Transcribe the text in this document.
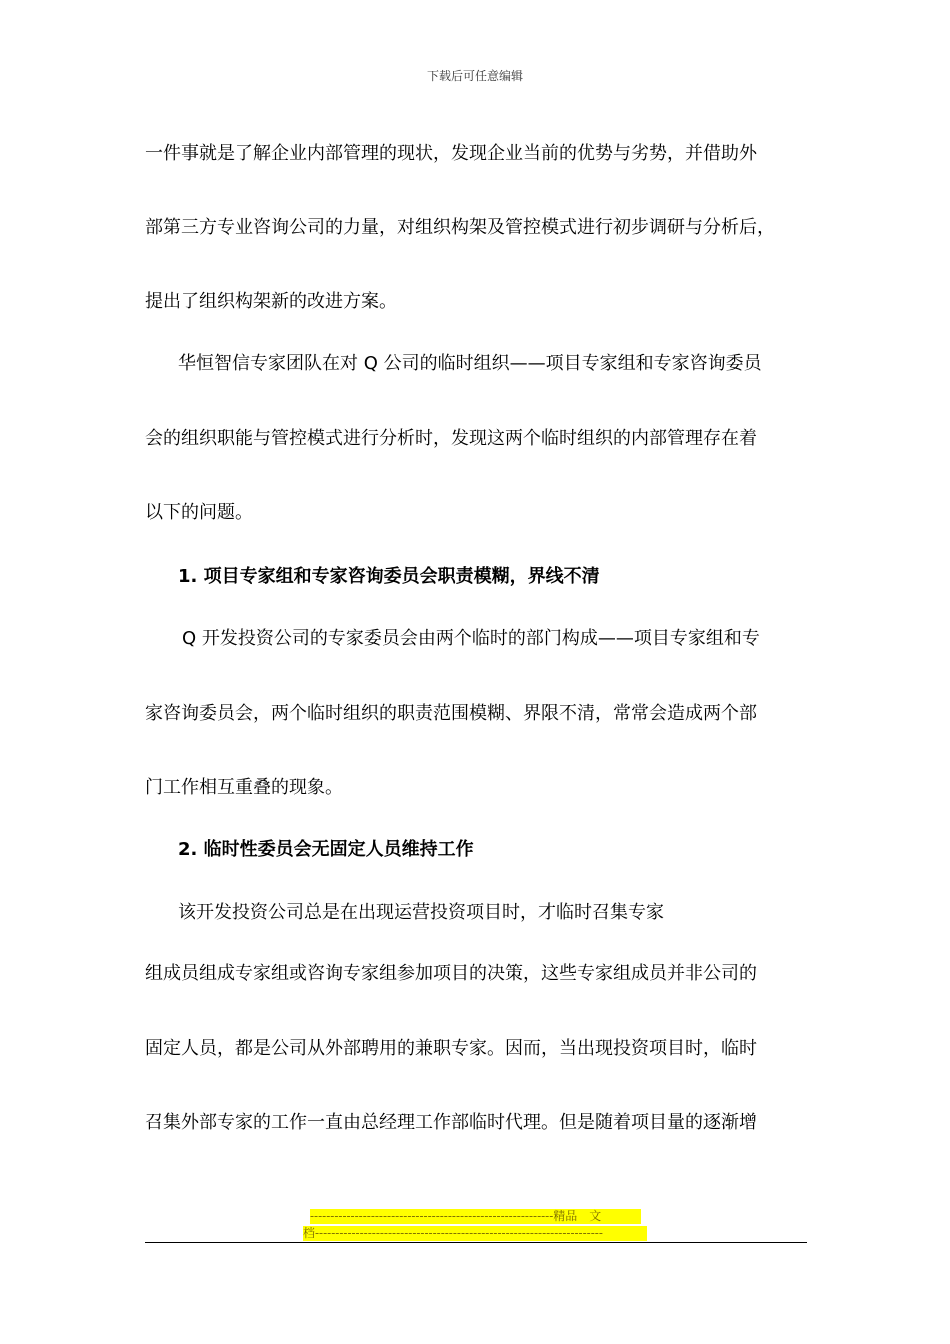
下载后可任意编辑
一件事就是了解企业内部管理的现状，发现企业当前的优势与劣势，并借助外
部第三方专业咨询公司的力量，对组织构架及管控模式进行初步调研与分析后，
提出了组织构架新的改进方案。
华恒智信专家团队在对 Q 公司的临时组织——项目专家组和专家咨询委员
会的组织职能与管控模式进行分析时，发现这两个临时组织的内部管理存在着
以下的问题。
1. 项目专家组和专家咨询委员会职责模糊，界线不清
Q 开发投资公司的专家委员会由两个临时的部门构成——项目专家组和专
家咨询委员会，两个临时组织的职责范围模糊、界限不清，常常会造成两个部
门工作相互重叠的现象。
2. 临时性委员会无固定人员维持工作
该开发投资公司总是在出现运营投资项目时，才临时召集专家
组成员组成专家组或咨询专家组参加项目的决策，这些专家组成员并非公司的
固定人员，都是公司从外部聘用的兼职专家。因而，当出现投资项目时，临时
召集外部专家的工作一直由总经理工作部临时代理。但是随着项目量的逐渐增
------------------------------------------------------------精品　文
档-----------------------------------------------------------------------
